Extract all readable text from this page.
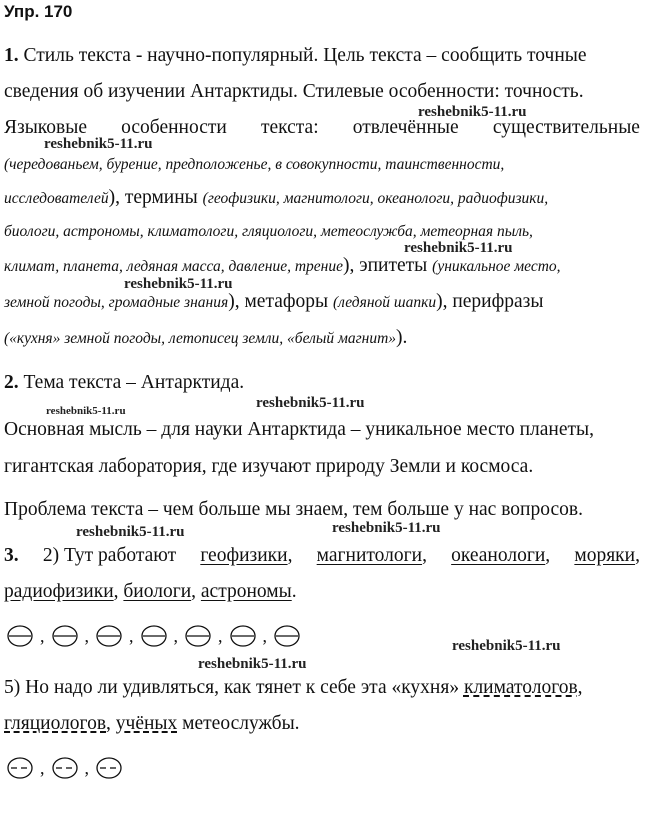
Упр. 170
1. Стиль текста - научно-популярный. Цель текста – сообщить точные
сведения об изучении Антарктиды. Стилевые особенности: точность.
reshebnik5-11.ru
Языковые особенности текста: отвлечённые существительные
reshebnik5-11.ru
(чередованьем, бурение, предположенье, в совокупности, таинственности,
исследователей), термины (геофизики, магнитологи, океанологи, радиофизики,
биологи, астрономы, климатологи, гляциологи, метеослужба, метеорная пыль,
reshebnik5-11.ru
климат, планета, ледяная масса, давление, трение), эпитеты (уникальное место,
reshebnik5-11.ru
земной погоды, громадные знания), метафоры (ледяной шапки), перифразы
(«кухня» земной погоды, летописец земли, «белый магнит»).
2. Тема текста – Антарктида.
reshebnik5-11.ru
reshebnik5-11.ru
Основная мысль – для науки Антарктида – уникальное место планеты,
гигантская лаборатория, где изучают природу Земли и космоса.
Проблема текста – чем больше мы знаем, тем больше у нас вопросов.
reshebnik5-11.ru
reshebnik5-11.ru
3. 2) Тут работают геофизики, магнитологи, океанологи, моряки,
радиофизики, биологи, астрономы.
, , , , , ,	reshebnik5-11.ru
reshebnik5-11.ru
5) Но надо ли удивляться, как тянет к себе эта «кухня» климатологов,
гляциологов, учёных метеослужбы.
, ,
